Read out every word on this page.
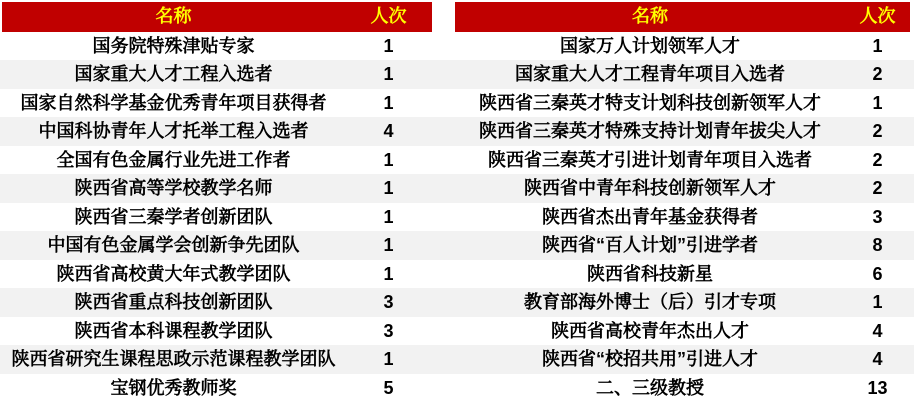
名称	人次	名称	人次
国务院特殊津贴专家	1	国家万人计划领军人才	1
国家重大人才工程入选者	1	国家重大人才工程青年项目入选者	2
国家自然科学基金优秀青年项目获得者	1	陕西省三秦英才特支计划科技创新领军人才	1
中国科协青年人才托举工程入选者	4	陕西省三秦英才特殊支持计划青年拔尖人才	2
全国有色金属行业先进工作者	1	陕西省三秦英才引进计划青年项目入选者	2
陕西省高等学校教学名师	1	陕西省中青年科技创新领军人才	2
陕西省三秦学者创新团队	1	陕西省杰出青年基金获得者	3
中国有色金属学会创新争先团队	1	陕西省“百人计划”引进学者	8
陕西省高校黄大年式教学团队	1	陕西省科技新星	6
陕西省重点科技创新团队	3	教育部海外博士（后）引才专项	1
陕西省本科课程教学团队	3	陕西省高校青年杰出人才	4
陕西省研究生课程思政示范课程教学团队	1	陕西省“校招共用”引进人才	4
宝钢优秀教师奖	5	二、三级教授	13
